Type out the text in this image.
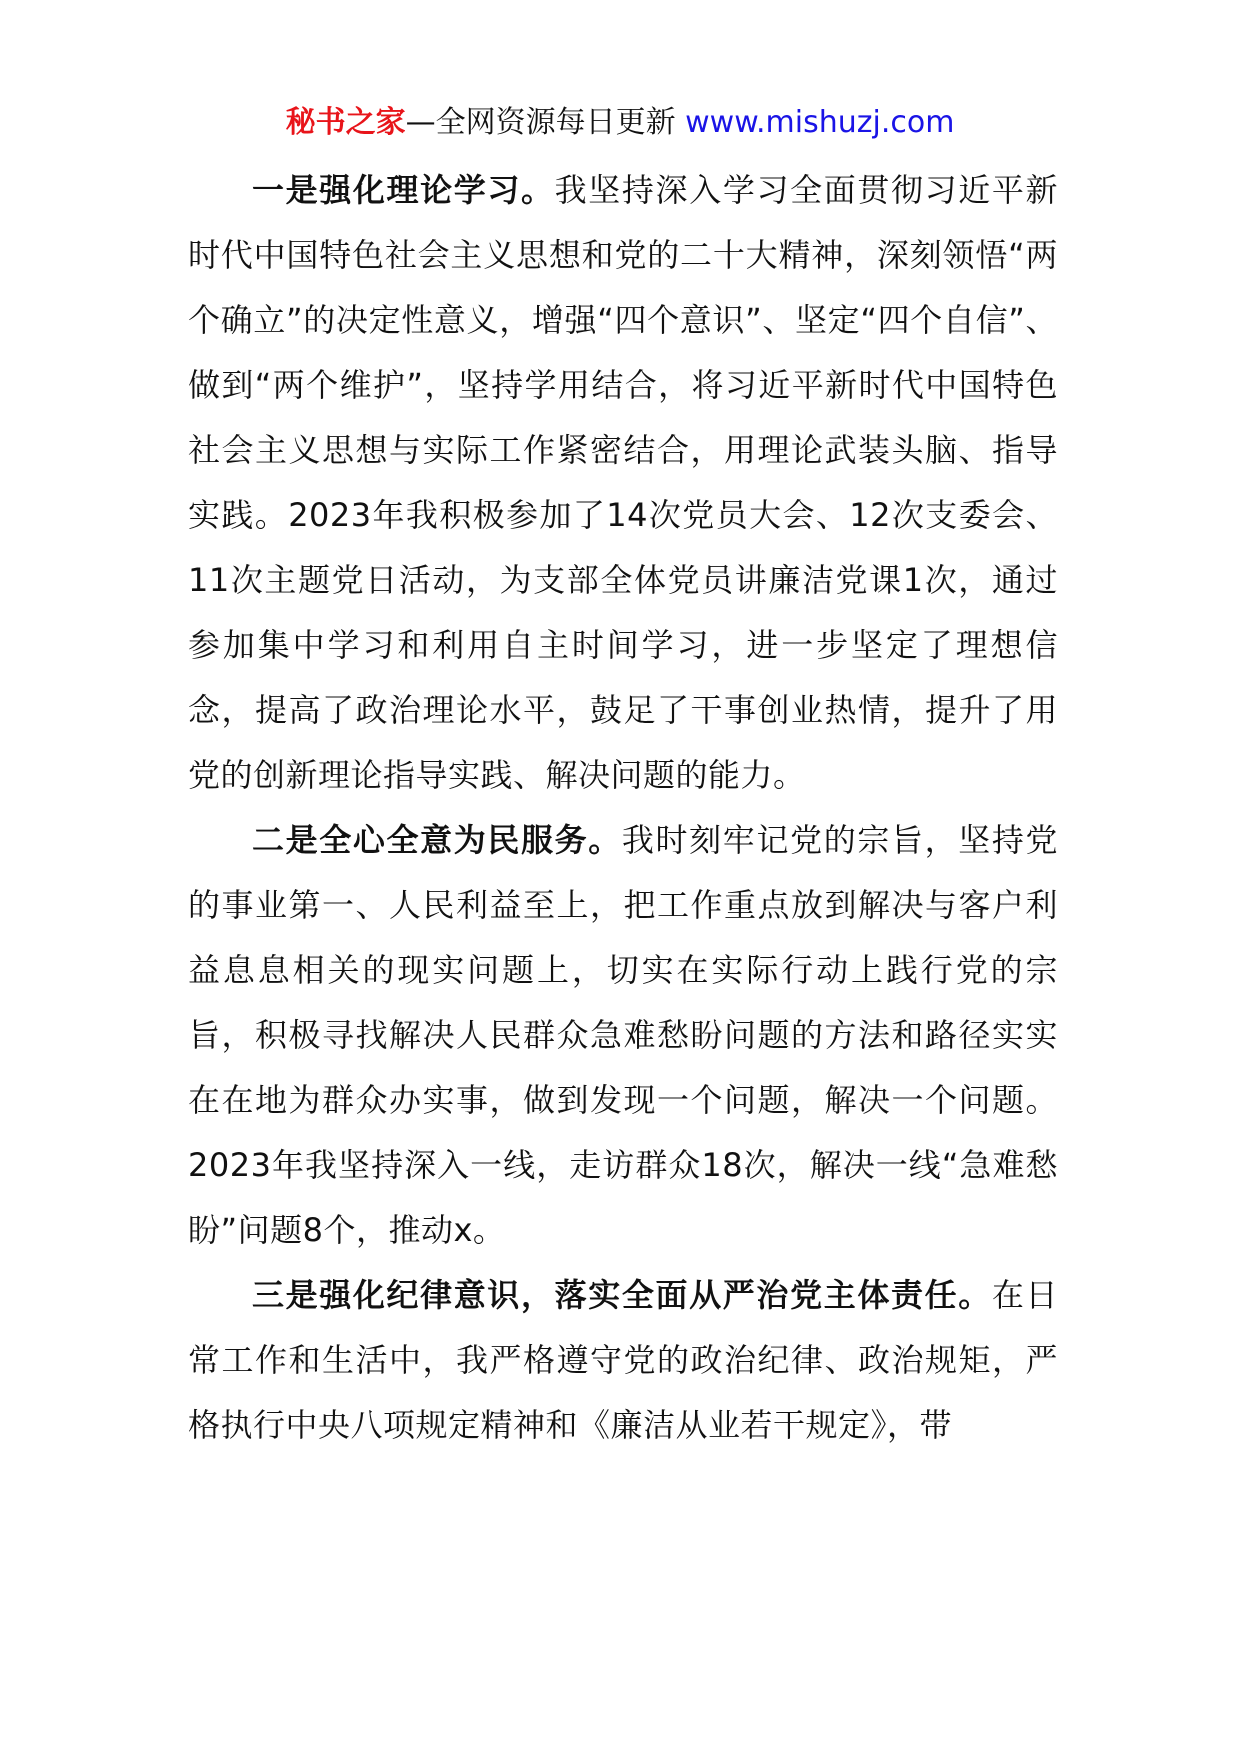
秘书之家—全网资源每日更新 www.mishuzj.com

一是强化理论学习。我坚持深入学习全面贯彻习近平新时代中国特色社会主义思想和党的二十大精神，深刻领悟“两个确立”的决定性意义，增强“四个意识”、坚定“四个自信”、做到“两个维护”，坚持学用结合，将习近平新时代中国特色社会主义思想与实际工作紧密结合，用理论武装头脑、指导实践。2023年我积极参加了14次党员大会、12次支委会、11次主题党日活动，为支部全体党员讲廉洁党课1次，通过参加集中学习和利用自主时间学习，进一步坚定了理想信念，提高了政治理论水平，鼓足了干事创业热情，提升了用党的创新理论指导实践、解决问题的能力。

二是全心全意为民服务。我时刻牢记党的宗旨，坚持党的事业第一、人民利益至上，把工作重点放到解决与客户利益息息相关的现实问题上，切实在实际行动上践行党的宗旨，积极寻找解决人民群众急难愁盼问题的方法和路径实实在在地为群众办实事，做到发现一个问题，解决一个问题。2023年我坚持深入一线，走访群众18次，解决一线“急难愁盼”问题8个，推动x。

三是强化纪律意识，落实全面从严治党主体责任。在日常工作和生活中，我严格遵守党的政治纪律、政治规矩，严格执行中央八项规定精神和《廉洁从业若干规定》，带
